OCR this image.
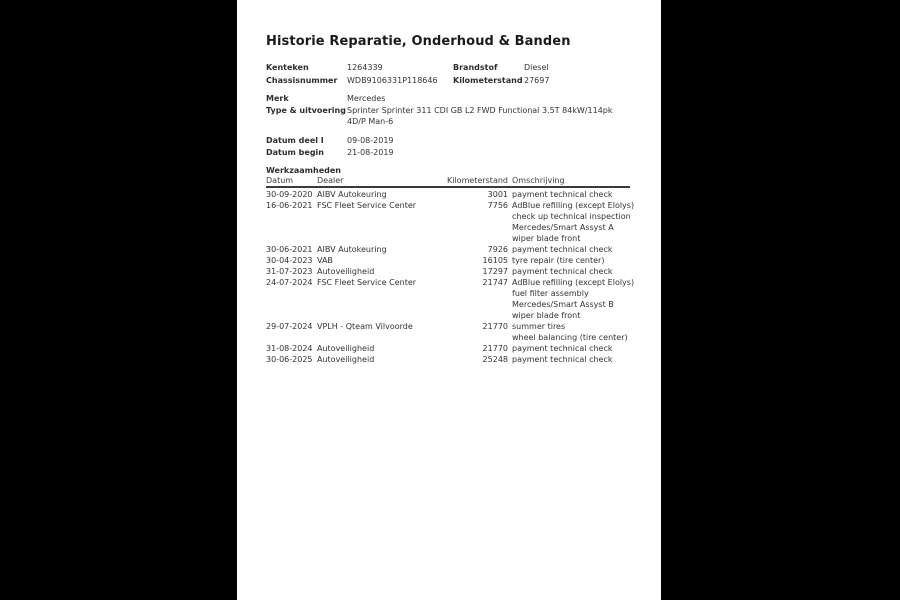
Historie Reparatie, Onderhoud & Banden
Kenteken	1264339	Brandstof	Diesel
Chassisnummer	WDB9106331P118646	Kilometerstand 27697
Merk	Mercedes
Type & uitvoering Sprinter Sprinter 311 CDI GB L2 FWD Functional 3.5T 84kW/114pk
4D/P Man-6
Datum deel I	09-08-2019
Datum begin	21-08-2019
Werkzaamheden
Datum	Dealer	Kilometerstand Omschrijving
30-09-2020 AIBV Autokeuring	3001 payment technical check
16-06-2021 FSC Fleet Service Center	7756 AdBlue refilling (except Elolys)
check up technical inspection
Mercedes/Smart Assyst A
wiper blade front
30-06-2021 AIBV Autokeuring	7926 payment technical check
30-04-2023 VAB	16105 tyre repair (tire center)
31-07-2023 Autoveiligheid	17297 payment technical check
24-07-2024 FSC Fleet Service Center	21747 AdBlue refilling (except Elolys)
fuel filter assembly
Mercedes/Smart Assyst B
wiper blade front
29-07-2024 VPLH - Qteam Vilvoorde	21770 summer tires
wheel balancing (tire center)
31-08-2024 Autoveiligheid	21770 payment technical check
30-06-2025 Autoveiligheid	25248 payment technical check
